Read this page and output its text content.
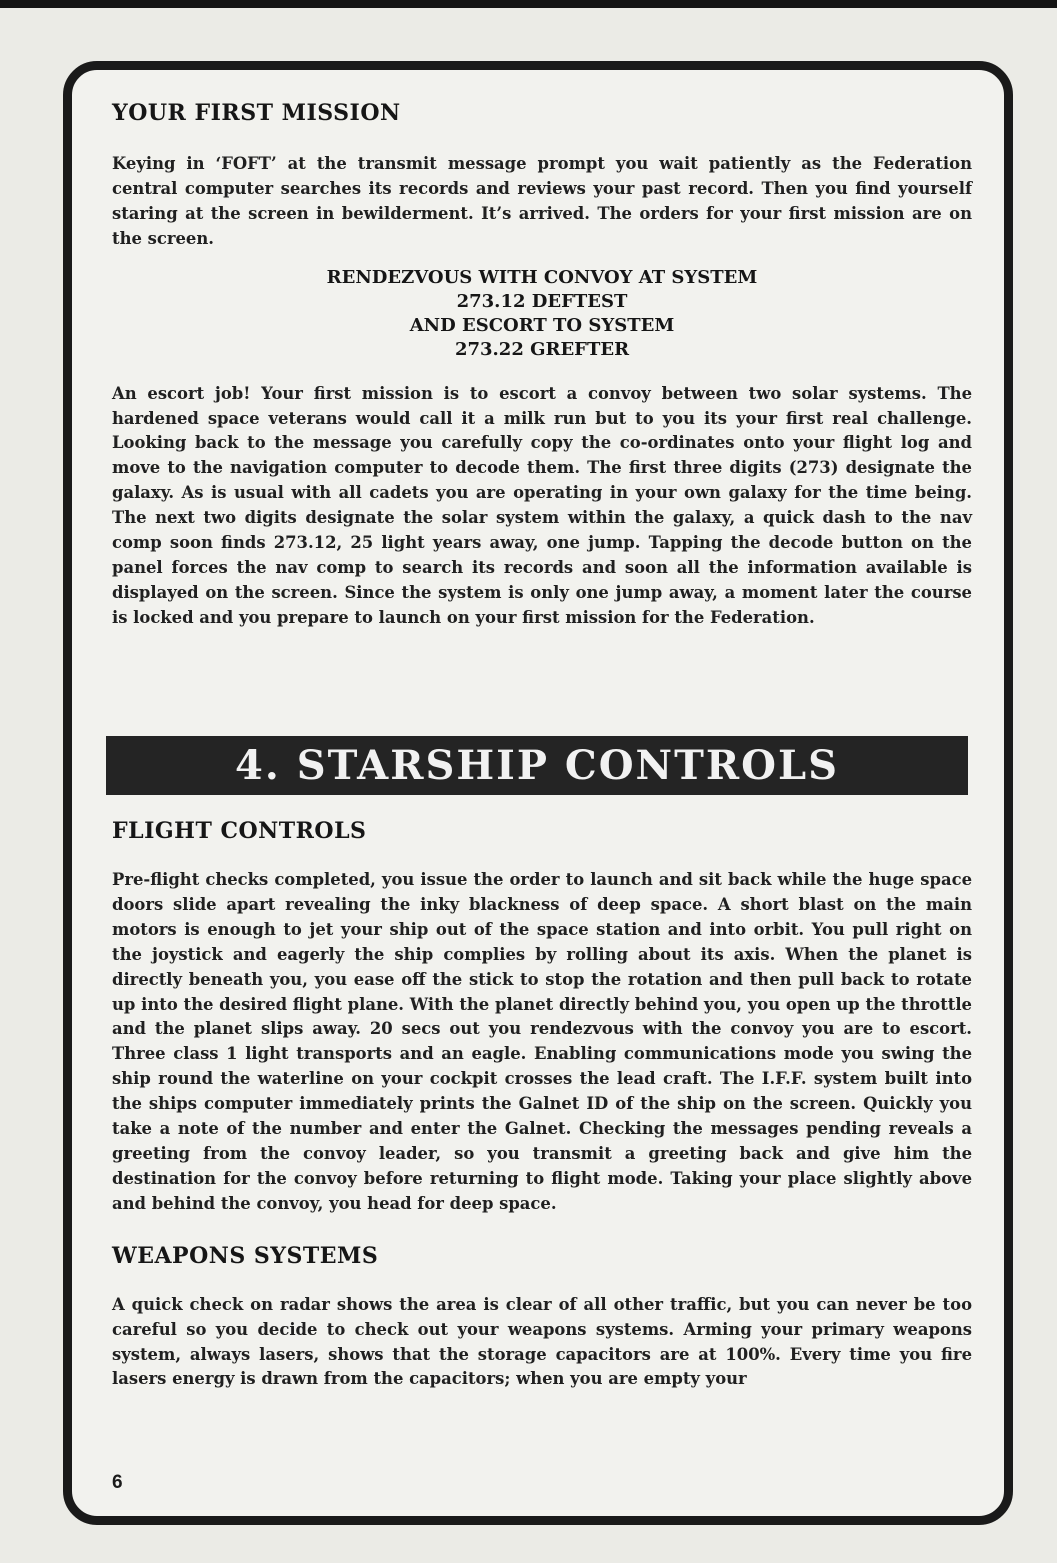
YOUR FIRST MISSION

Keying in ‘FOFT’ at the transmit message prompt you wait patiently as the Federation central computer searches its records and reviews your past record. Then you find yourself staring at the screen in bewilderment. It’s arrived. The orders for your first mission are on the screen.

RENDEZVOUS WITH CONVOY AT SYSTEM
273.12 DEFTEST
AND ESCORT TO SYSTEM
273.22 GREFTER

An escort job! Your first mission is to escort a convoy between two solar systems. The hardened space veterans would call it a milk run but to you its your first real challenge. Looking back to the message you carefully copy the co-ordinates onto your flight log and move to the navigation computer to decode them. The first three digits (273) designate the galaxy. As is usual with all cadets you are operating in your own galaxy for the time being. The next two digits designate the solar system within the galaxy, a quick dash to the nav comp soon finds 273.12, 25 light years away, one jump. Tapping the decode button on the panel forces the nav comp to search its records and soon all the information available is displayed on the screen. Since the system is only one jump away, a moment later the course is locked and you prepare to launch on your first mission for the Federation.

4. STARSHIP CONTROLS
FLIGHT CONTROLS

Pre-flight checks completed, you issue the order to launch and sit back while the huge space doors slide apart revealing the inky blackness of deep space. A short blast on the main motors is enough to jet your ship out of the space station and into orbit. You pull right on the joystick and eagerly the ship complies by rolling about its axis. When the planet is directly beneath you, you ease off the stick to stop the rotation and then pull back to rotate up into the desired flight plane. With the planet directly behind you, you open up the throttle and the planet slips away. 20 secs out you rendezvous with the convoy you are to escort. Three class 1 light transports and an eagle. Enabling communications mode you swing the ship round the waterline on your cockpit crosses the lead craft. The I.F.F. system built into the ships computer immediately prints the Galnet ID of the ship on the screen. Quickly you take a note of the number and enter the Galnet. Checking the messages pending reveals a greeting from the convoy leader, so you transmit a greeting back and give him the destination for the convoy before returning to flight mode. Taking your place slightly above and behind the convoy, you head for deep space.

WEAPONS SYSTEMS

A quick check on radar shows the area is clear of all other traffic, but you can never be too careful so you decide to check out your weapons systems. Arming your primary weapons system, always lasers, shows that the storage capacitors are at 100%. Every time you fire lasers energy is drawn from the capacitors; when you are empty your

6
